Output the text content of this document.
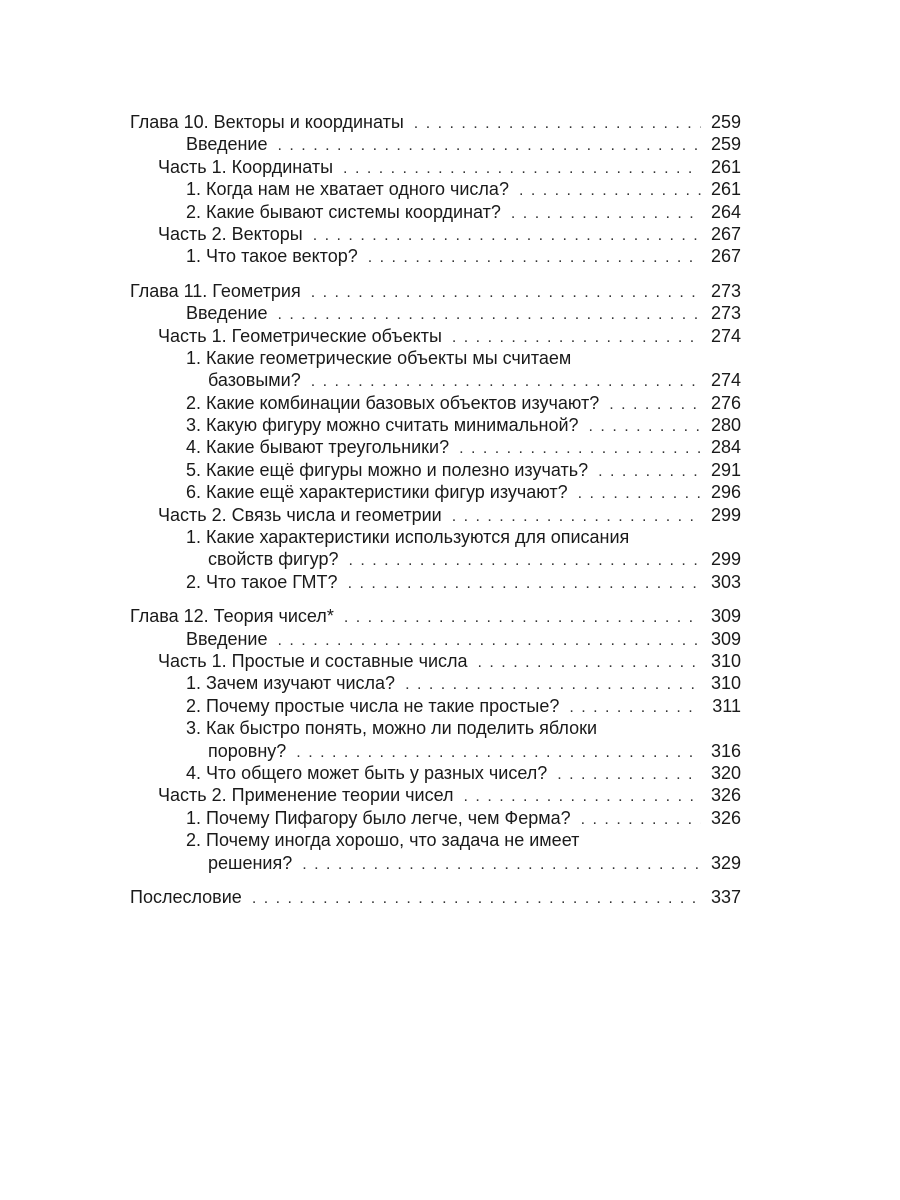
Глава 10. Векторы и координаты . . .	259
Введение . . .	259
Часть 1. Координаты . . .	261
1. Когда нам не хватает одного числа? . . .	261
2. Какие бывают системы координат? . . .	264
Часть 2. Векторы . . .	267
1. Что такое вектор? . . .	267
Глава 11. Геометрия . . .	273
Введение . . .	273
Часть 1. Геометрические объекты . . .	274
1. Какие геометрические объекты мы считаем
базовыми? . . .	274
2. Какие комбинации базовых объектов изучают? . . .	276
3. Какую фигуру можно считать минимальной? . . .	280
4. Какие бывают треугольники? . . .	284
5. Какие ещё фигуры можно и полезно изучать? . . .	291
6. Какие ещё характеристики фигур изучают? . . .	296
Часть 2. Связь числа и геометрии . . .	299
1. Какие характеристики используются для описания
свойств фигур? . . .	299
2. Что такое ГМТ? . . .	303
Глава 12. Теория чисел* . . .	309
Введение . . .	309
Часть 1. Простые и составные числа . . .	310
1. Зачем изучают числа? . . .	310
2. Почему простые числа не такие простые? . . .	311
3. Как быстро понять, можно ли поделить яблоки
поровну? . . .	316
4. Что общего может быть у разных чисел? . . .	320
Часть 2. Применение теории чисел . . .	326
1. Почему Пифагору было легче, чем Ферма? . . .	326
2. Почему иногда хорошо, что задача не имеет
решения? . . .	329
Послесловие . . .	337
